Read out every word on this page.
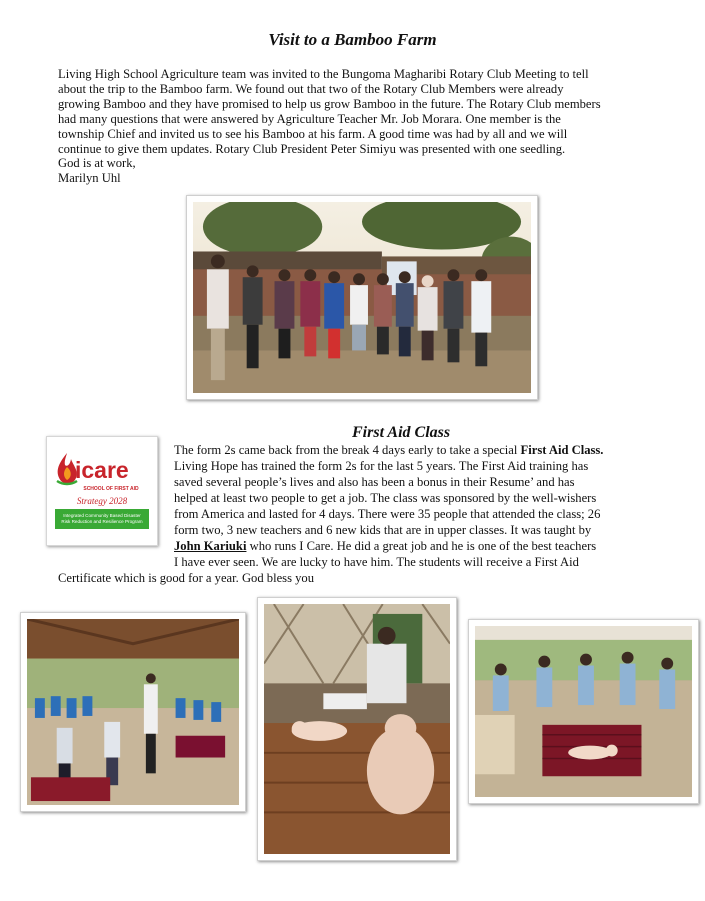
Visit to a Bamboo Farm
Living High School Agriculture team was invited to the Bungoma Magharibi Rotary Club Meeting to tell
about the trip to the Bamboo farm. We found out that two of the Rotary Club Members were already
growing Bamboo and they have promised to help us grow Bamboo in the future. The Rotary Club members
had many questions that were answered by Agriculture Teacher Mr. Job Morara. One member is the
township Chief and invited us to see his Bamboo at his farm. A good time was had by all and we will
continue to give them updates. Rotary Club President Peter Simiyu was presented with one seedling.
God is at work,
Marilyn Uhl
First Aid Class
icare
SCHOOL OF FIRST AID
Strategy 2028
Integrated Community Based Disaster
Risk Reduction and Resilience Program
The form 2s came back from the break 4 days early to take a special First Aid Class.
Living Hope has trained the form 2s for the last 5 years. The First Aid training has
saved several people’s lives and also has been a bonus in their Resume’ and has
helped at least two people to get a job. The class was sponsored by the well-wishers
from America and lasted for 4 days. There were 35 people that attended the class; 26
form two, 3 new teachers and 6 new kids that are in upper classes. It was taught by
John Kariuki who runs I Care. He did a great job and he is one of the best teachers
I have ever seen. We are lucky to have him. The students will receive a First Aid
Certificate which is good for a year. God bless you
